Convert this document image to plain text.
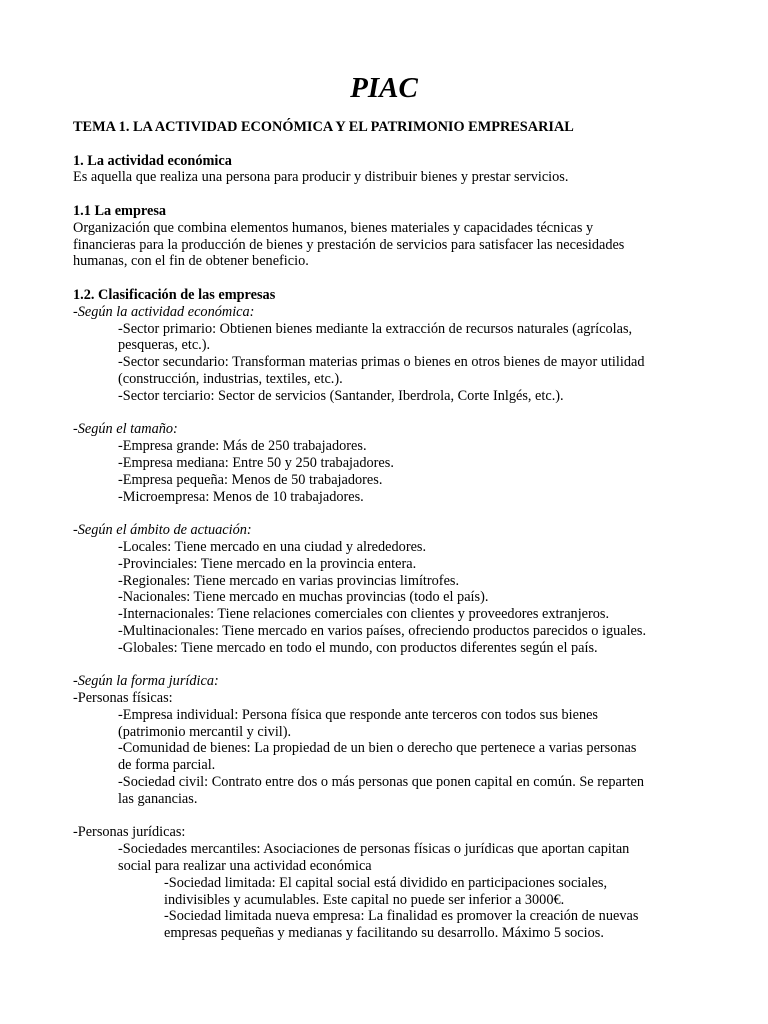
PIAC
TEMA 1. LA ACTIVIDAD ECONÓMICA Y EL PATRIMONIO EMPRESARIAL
1. La actividad económica
Es aquella que realiza una persona para producir y distribuir bienes y prestar servicios.
1.1 La empresa
Organización que combina elementos humanos, bienes materiales y capacidades técnicas y
financieras para la producción de bienes y prestación de servicios para satisfacer las necesidades
humanas, con el fin de obtener beneficio.
1.2. Clasificación de las empresas
-Según la actividad económica:
-Sector primario: Obtienen bienes mediante la extracción de recursos naturales (agrícolas,
pesqueras, etc.).
-Sector secundario: Transforman materias primas o bienes en otros bienes de mayor utilidad
(construcción, industrias, textiles, etc.).
-Sector terciario: Sector de servicios (Santander, Iberdrola, Corte Inlgés, etc.).
-Según el tamaño:
-Empresa grande: Más de 250 trabajadores.
-Empresa mediana: Entre 50 y 250 trabajadores.
-Empresa pequeña: Menos de 50 trabajadores.
-Microempresa: Menos de 10 trabajadores.
-Según el ámbito de actuación:
-Locales: Tiene mercado en una ciudad y alrededores.
-Provinciales: Tiene mercado en la provincia entera.
-Regionales: Tiene mercado en varias provincias limítrofes.
-Nacionales: Tiene mercado en muchas provincias (todo el país).
-Internacionales: Tiene relaciones comerciales con clientes y proveedores extranjeros.
-Multinacionales: Tiene mercado en varios países, ofreciendo productos parecidos o iguales.
-Globales: Tiene mercado en todo el mundo, con productos diferentes según el país.
-Según la forma jurídica:
-Personas físicas:
-Empresa individual: Persona física que responde ante terceros con todos sus bienes
(patrimonio mercantil y civil).
-Comunidad de bienes: La propiedad de un bien o derecho que pertenece a varias personas
de forma parcial.
-Sociedad civil: Contrato entre dos o más personas que ponen capital en común. Se reparten
las ganancias.
-Personas jurídicas:
-Sociedades mercantiles: Asociaciones de personas físicas o jurídicas que aportan capitan
social para realizar una actividad económica
-Sociedad limitada: El capital social está dividido en participaciones sociales,
indivisibles y acumulables. Este capital no puede ser inferior a 3000€.
-Sociedad limitada nueva empresa: La finalidad es promover la creación de nuevas
empresas pequeñas y medianas y facilitando su desarrollo. Máximo 5 socios.
